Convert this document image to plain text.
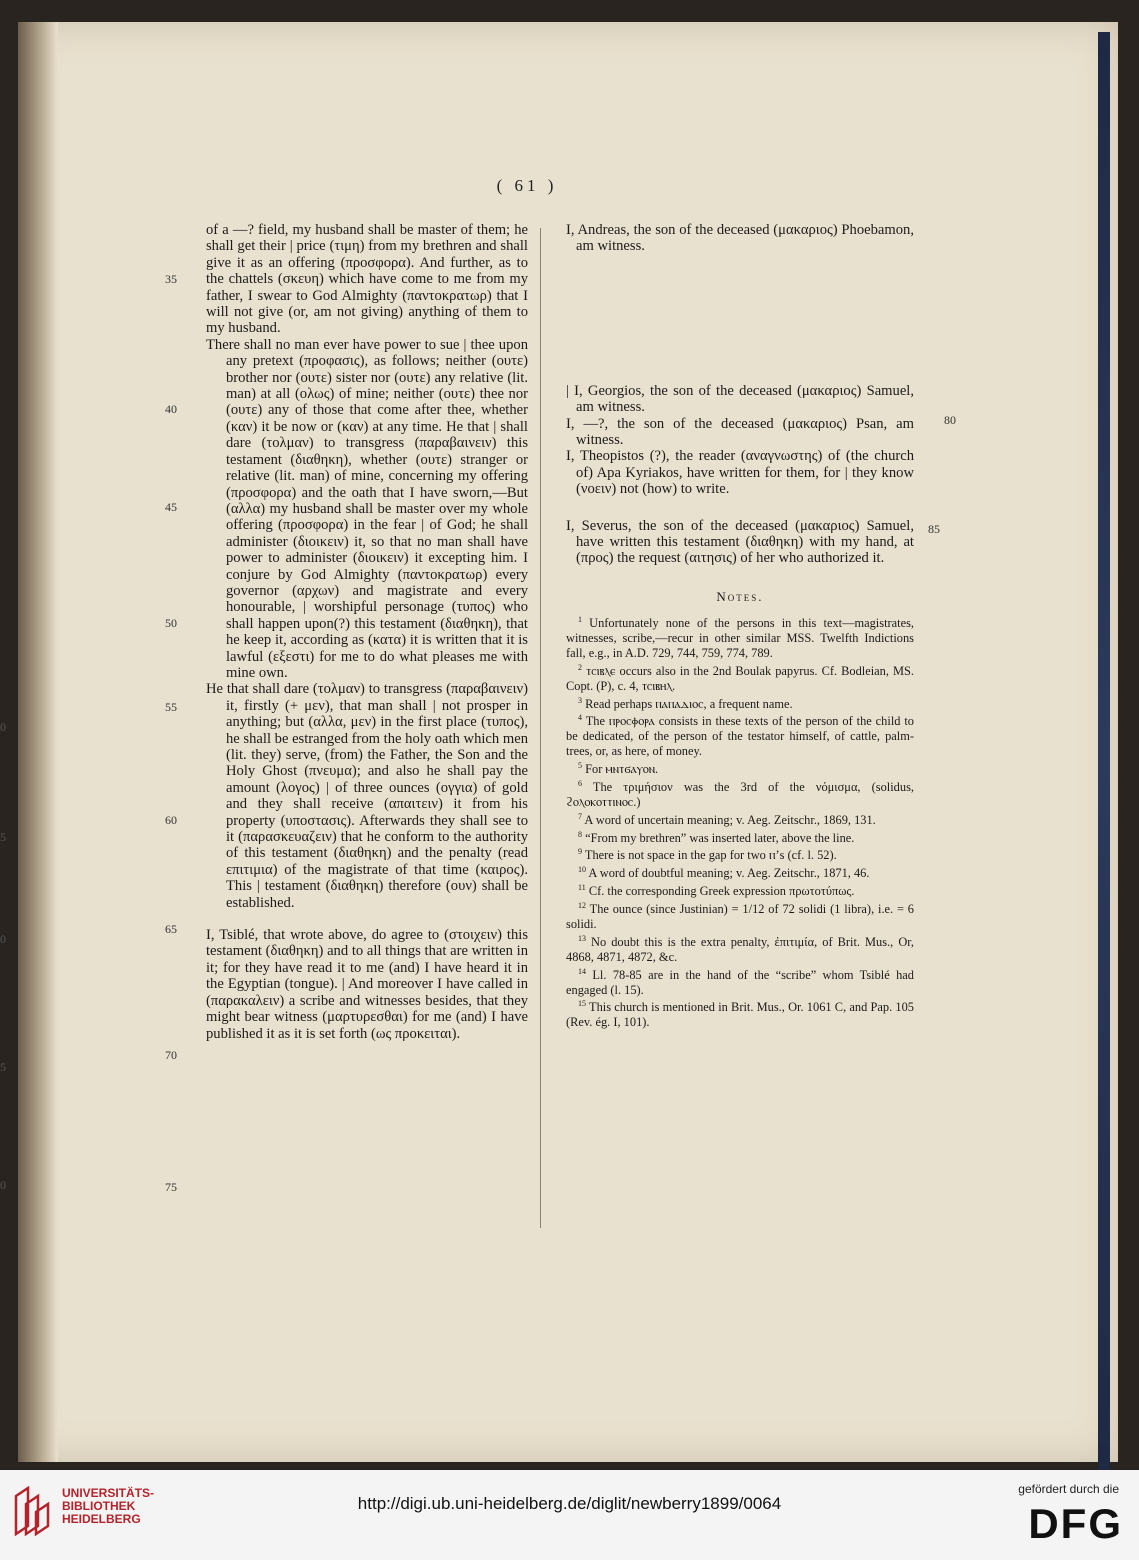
( 61 )
35
40
45
50
55
60
65
70
75
0
5
0
5
0

of a —? field, my husband shall be master of them; he shall get their | price (τιμη) from my brethren and shall give it as an offering (προσφορα). And further, as to the chattels (σκευη) which have come to me from my father, I swear to God Almighty (παντοκρατωρ) that I will not give (or, am not giving) anything of them to my husband.

There shall no man ever have power to sue | thee upon any pretext (προφασις), as follows; neither (ουτε) brother nor (ουτε) sister nor (ουτε) any relative (lit. man) at all (ολως) of mine; neither (ουτε) thee nor (ουτε) any of those that come after thee, whether (καν) it be now or (καν) at any time. He that | shall dare (τολμαν) to transgress (παραβαινειν) this testament (διαθηκη), whether (ουτε) stranger or relative (lit. man) of mine, concerning my offering (προσφορα) and the oath that I have sworn,—But (αλλα) my husband shall be master over my whole offering (προσφορα) in the fear | of God; he shall administer (διοικειν) it, so that no man shall have power to administer (διοικειν) it excepting him. I conjure by God Almighty (παντοκρατωρ) every governor (αρχων) and magistrate and every honourable, | worshipful personage (τυπος) who shall happen upon(?) this testament (διαθηκη), that he keep it, according as (κατα) it is written that it is lawful (εξεστι) for me to do what pleases me with mine own.

He that shall dare (τολμαν) to transgress (παραβαινειν) it, firstly (+ μεν), that man shall | not prosper in anything; but (αλλα, μεν) in the first place (τυπος), he shall be estranged from the holy oath which men (lit. they) serve, (from) the Father, the Son and the Holy Ghost (πνευμα); and also he shall pay the amount (λογος) | of three ounces (ογγια) of gold and they shall receive (απαιτειν) it from his property (υποστασις). Afterwards they shall see to it (παρασκευαζειν) that he conform to the authority of this testament (διαθηκη) and the penalty (read επιτιμια) of the magistrate of that time (καιρος). This | testament (διαθηκη) therefore (ουν) shall be established.

I, Tsiblé, that wrote above, do agree to (στοιχειν) this testament (διαθηκη) and to all things that are written in it; for they have read it to me (and) I have heard it in the Egyptian (tongue). | And moreover I have called in (παρακαλειν) a scribe and witnesses besides, that they might bear witness (μαρτυρεσθαι) for me (and) I have published it as it is set forth (ως προκειται).

I, Andreas, the son of the deceased (μακαριος) Phoebamon, am witness.

| I, Georgios, the son of the deceased (μακαριος) Samuel, am witness.

I, —?, the son of the deceased (μακαριος) Psan, am witness.

I, Theopistos (?), the reader (αναγνωστης) of (the church of) Apa Kyriakos, have written for them, for | they know (νοειν) not (how) to write.

I, Severus, the son of the deceased (μακαριος) Samuel, have written this testament (διαθηκη) with my hand, at (προς) the request (αιτησις) of her who authorized it.

Notes.

$^1$ Unfortunately none of the persons in this text—magistrates, witnesses, scribe,—recur in other similar MSS. Twelfth Indictions fall, e.g., in A.D. 729, 744, 759, 774, 789.

$^2$ ⲧⲥⲓⲃⲗⲉ occurs also in the 2nd Boulak papyrus. Cf. Bodleian, MS. Copt. (P), c. 4, ⲧⲥⲓⲃⲏⲗ.

$^3$ Read perhaps ⲡⲁⲡⲁⲇⲓⲟⲥ, a frequent name.

$^4$ The ⲡⲣⲟⲥⲫⲟⲣⲁ consists in these texts of the person of the child to be dedicated, of the person of the testator himself, of cattle, palm-trees, or, as here, of money.

$^5$ For ⲙⲛⲧϭⲁⲩⲟⲛ.

$^6$ The τριμήσιον was the 3rd of the νόμισμα, (solidus, ϩⲟⲗⲟⲕⲟⲧⲧⲓⲛⲟⲥ.)

$^7$ A word of uncertain meaning; v. Aeg. Zeitschr., 1869, 131.

$^8$ “From my brethren” was inserted later, above the line.

$^9$ There is not space in the gap for two ⲡ’s (cf. l. 52).

$^{10}$ A word of doubtful meaning; v. Aeg. Zeitschr., 1871, 46.

$^{11}$ Cf. the corresponding Greek expression πρωτοτύπως.

$^{12}$ The ounce (since Justinian) = 1/12 of 72 solidi (1 libra), i.e. = 6 solidi.

$^{13}$ No doubt this is the extra penalty, ἐπιτιμία, of Brit. Mus., Or, 4868, 4871, 4872, &c.

$^{14}$ Ll. 78-85 are in the hand of the “scribe” whom Tsiblé had engaged (l. 15).

$^{15}$ This church is mentioned in Brit. Mus., Or. 1061 C, and Pap. 105 (Rev. ég. I, 101).

80
85
UNIVERSITÄTS-
BIBLIOTHEK
HEIDELBERG
http://digi.ub.uni-heidelberg.de/diglit/newberry1899/0064
gefördert durch die
DFG
